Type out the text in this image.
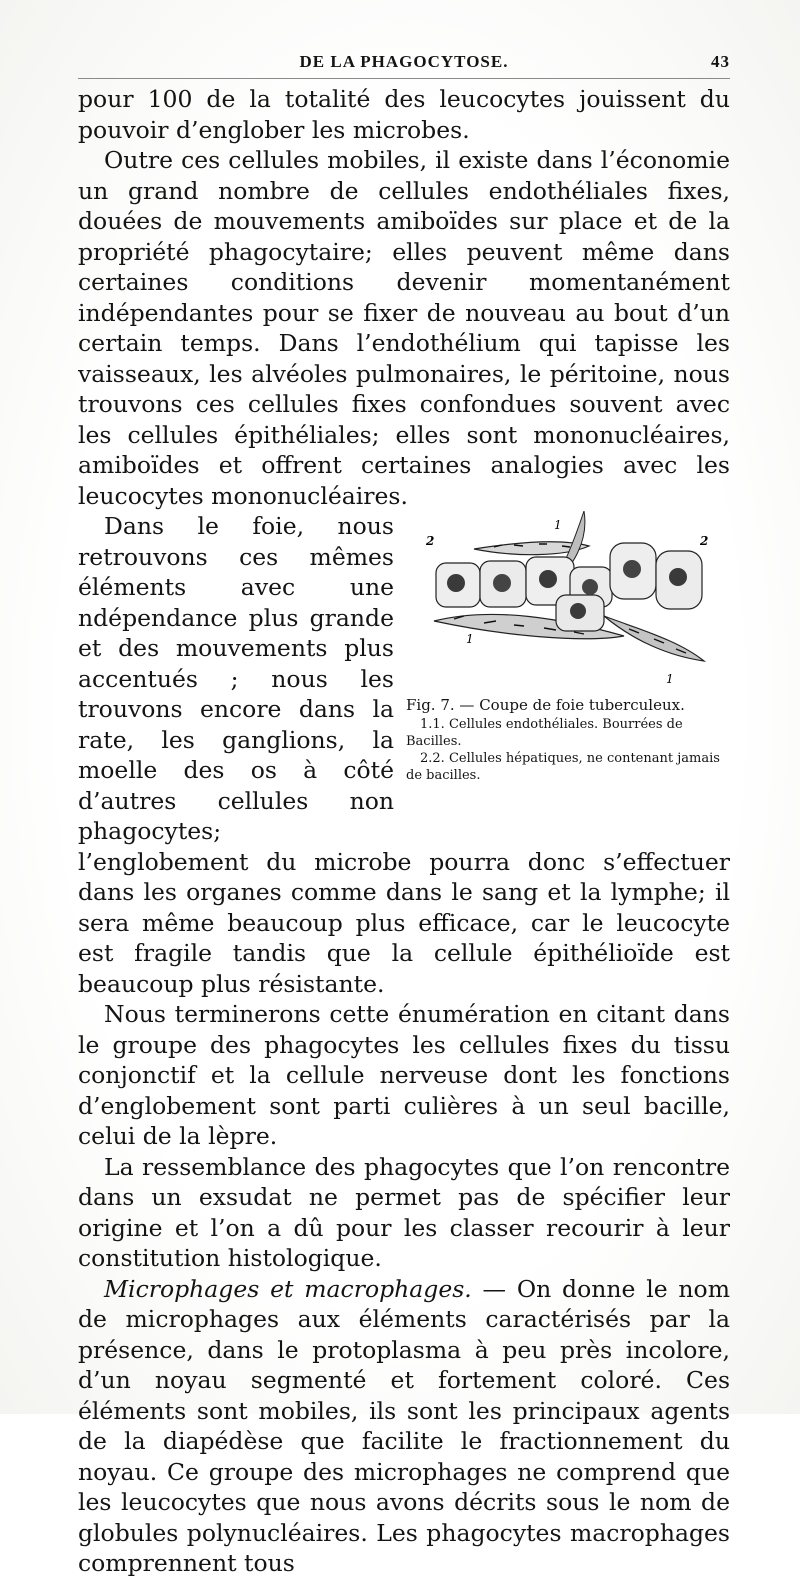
DE LA PHAGOCYTOSE.	43

pour 100 de la totalité des leucocytes jouissent du pouvoir d’englober les microbes.

Outre ces cellules mobiles, il existe dans l’économie un grand nombre de cellules endothéliales fixes, douées de mouvements amiboïdes sur place et de la propriété phagocytaire; elles peuvent même dans certaines conditions devenir momentanément indépendantes pour se fixer de nouveau au bout d’un certain temps. Dans l’endothélium qui tapisse les vaisseaux, les alvéoles pulmonaires, le péritoine, nous trouvons ces cellules fixes confondues souvent avec les cellules épithéliales; elles sont mononucléaires, amiboïdes et offrent certaines analogies avec les leucocytes mononucléaires.

1
2	2
1
1

Fig. 7. — Coupe de foie tuberculeux.

1.1. Cellules endothéliales. Bourrées de Bacilles.

2.2. Cellules hépatiques, ne contenant jamais de bacilles.

Dans le foie, nous retrouvons ces mêmes éléments avec une ndépendance plus grande et des mouvements plus accentués ; nous les trouvons encore dans la rate, les ganglions, la moelle des os à côté d’autres cellules non phagocytes; l’englobement du microbe pourra donc s’effectuer dans les organes comme dans le sang et la lymphe; il sera même beaucoup plus efficace, car le leucocyte est fragile tandis que la cellule épithélioïde est beaucoup plus résistante.

Nous terminerons cette énumération en citant dans le groupe des phagocytes les cellules fixes du tissu conjonctif et la cellule nerveuse dont les fonctions d’englobement sont parti culières à un seul bacille, celui de la lèpre.

La ressemblance des phagocytes que l’on rencontre dans un exsudat ne permet pas de spécifier leur origine et l’on a dû pour les classer recourir à leur constitution histologique.

Microphages et macrophages. — On donne le nom de microphages aux éléments caractérisés par la présence, dans le protoplasma à peu près incolore, d’un noyau segmenté et fortement coloré. Ces éléments sont mobiles, ils sont les principaux agents de la diapédèse que facilite le fractionnement du noyau. Ce groupe des microphages ne comprend que les leucocytes que nous avons décrits sous le nom de globules polynucléaires. Les phagocytes macrophages comprennent tous
